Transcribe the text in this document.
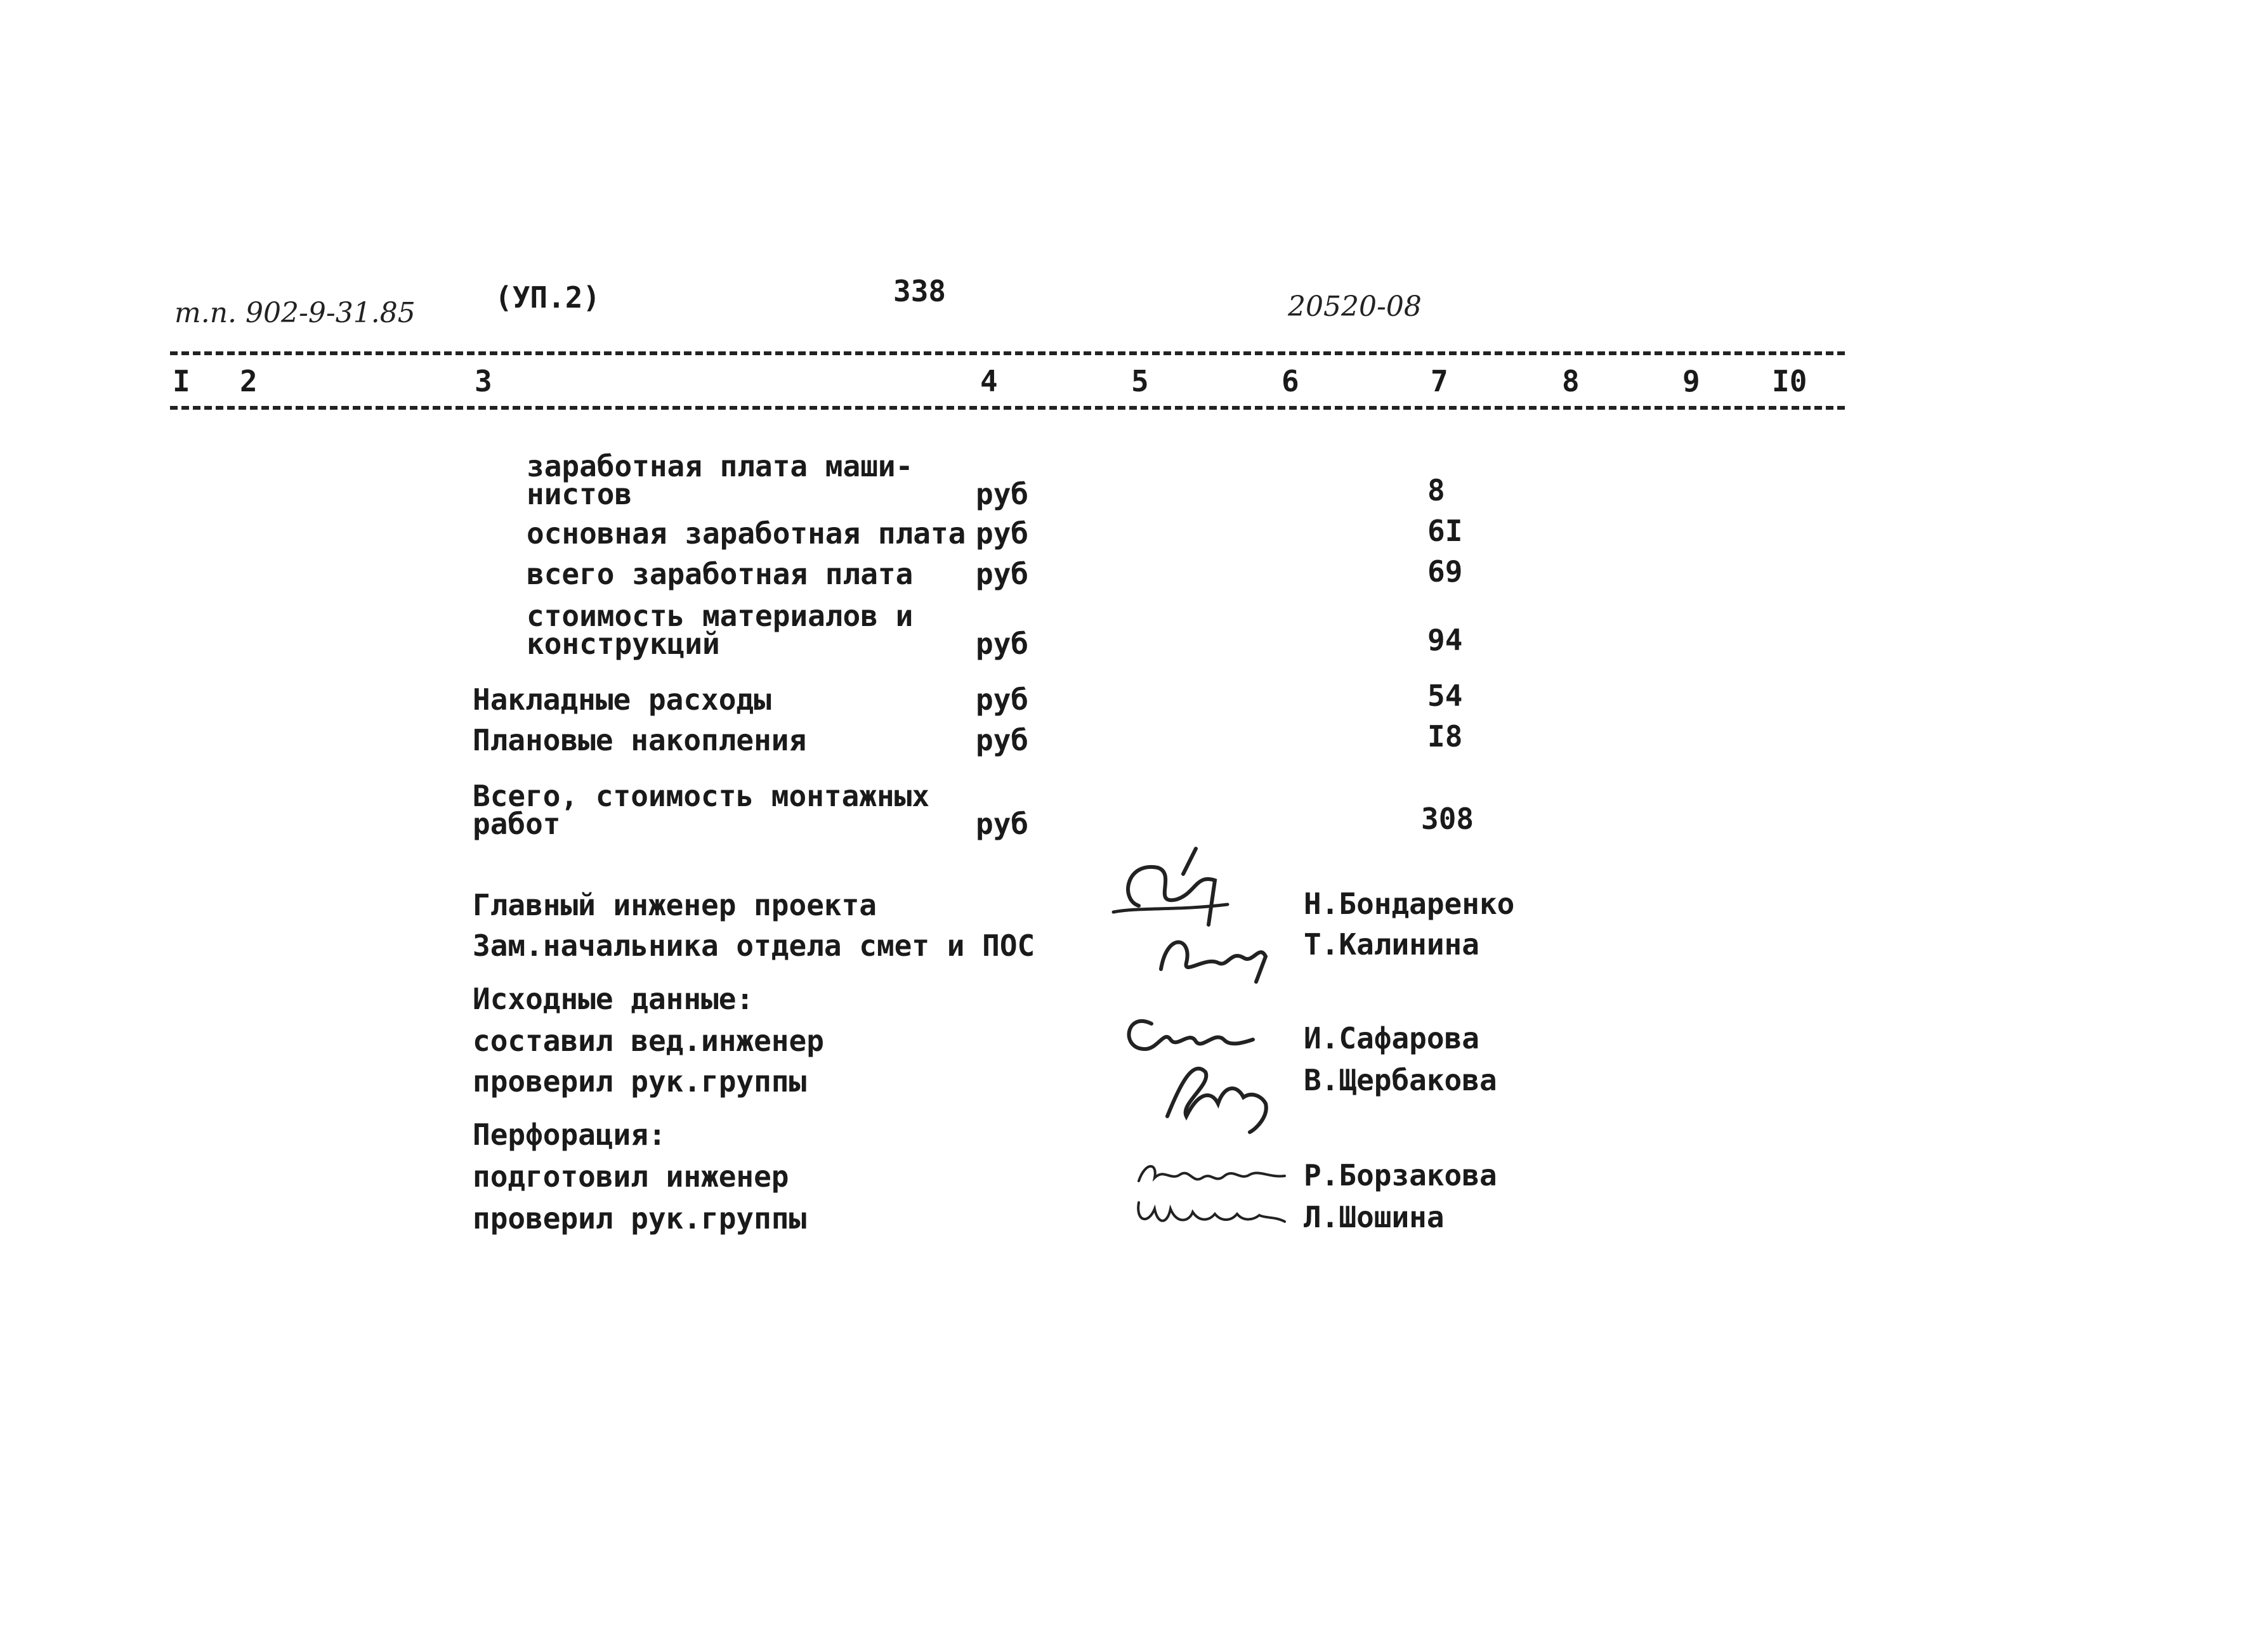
т.п. 902-9-31.85	(УП.2)	338	20520-08
I 2	3	4	5	6	7	8	9 I0
заработная плата маши-
нистов	руб	8
основная заработная плата руб	6I
всего заработная плата руб	69
стоимость материалов и
конструкций	руб	94
Накладные расходы	руб	54
Плановые накопления	руб	I8
Всего, стоимость монтажных
работ	руб	308
Главный инженер проекта	Н.Бондаренко
Зам.начальника отдела смет и ПОС	Т.Калинина
Исходные данные:
составил вед.инженер	И.Сафарова
проверил рук.группы	В.Щербакова
Перфорация:
подготовил инженер	Р.Борзакова
проверил рук.группы	Л.Шошина
